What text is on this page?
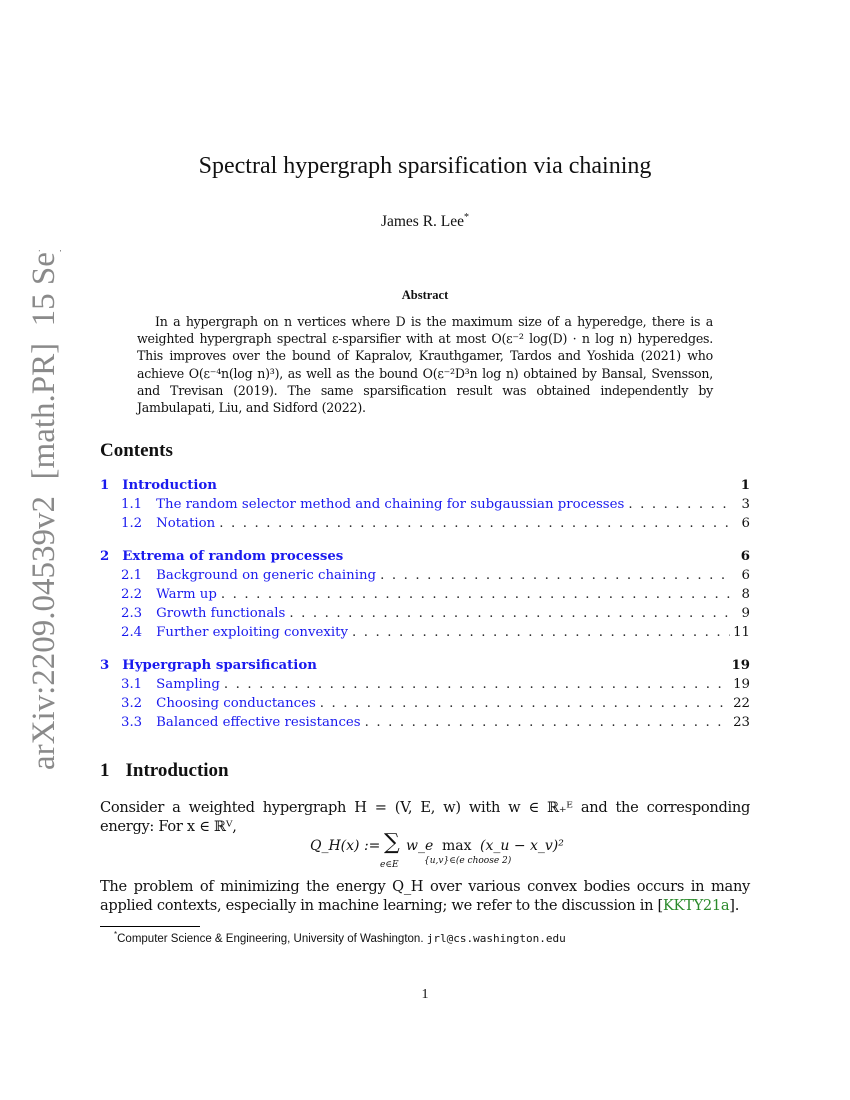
arXiv:2209.04539v2  [math.PR]  15 Sep 2022	Spectral hypergraph sparsification via chaining
James R. Lee*
Abstract
In a hypergraph on n vertices where D is the maximum size of a hyperedge, there is a weighted hypergraph spectral ε-sparsifier with at most O(ε⁻² log(D) · n log n) hyperedges. This improves over the bound of Kapralov, Krauthgamer, Tardos and Yoshida (2021) who achieve O(ε⁻⁴n(log n)³), as well as the bound O(ε⁻²D³n log n) obtained by Bansal, Svensson, and Trevisan (2019). The same sparsification result was obtained independently by Jambulapati, Liu, and Sidford (2022).
Contents
1 Introduction	1
1.1	The random selector method and chaining for subgaussian processes . . .	3
1.2	Notation . . .	6
2 Extrema of random processes	6
2.1	Background on generic chaining . . .	6
2.2	Warm up . . .	8
2.3	Growth functionals . . .	9
2.4	Further exploiting convexity . . .	11
3 Hypergraph sparsification	19
3.1	Sampling . . .	19
3.2	Choosing conductances . . .	22
3.3	Balanced effective resistances . . .	23
1 Introduction
Consider a weighted hypergraph H = (V, E, w) with w ∈ ℝ₊ᴱ and the corresponding energy: For x ∈ ℝⱽ,
Q_H(x) := ∑
e∈E
w_e max
{u,v}∈(e choose 2)
(x_u − x_v)²
The problem of minimizing the energy Q_H over various convex bodies occurs in many applied contexts, especially in machine learning; we refer to the discussion in [KKTY21a].
*Computer Science & Engineering, University of Washington. jrl@cs.washington.edu
1
